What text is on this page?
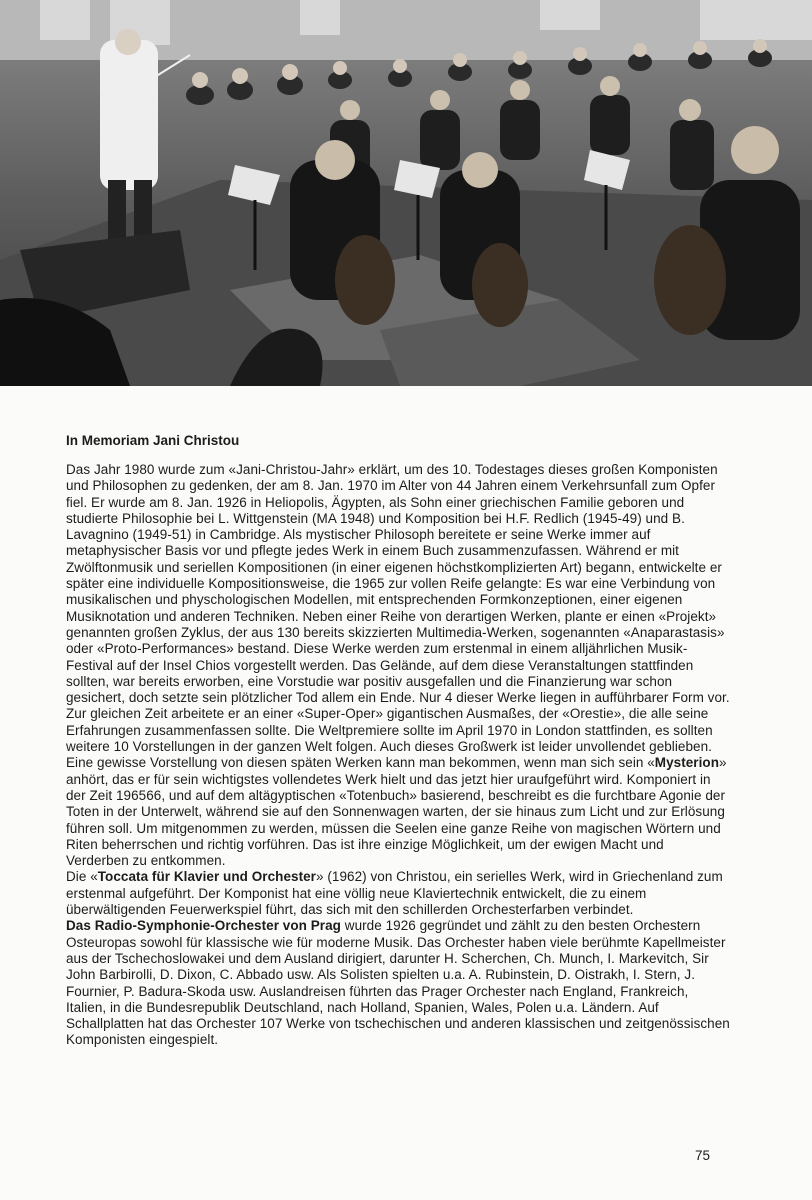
In Memoriam Jani Christou

Das Jahr 1980 wurde zum «Jani-Christou-Jahr» erklärt, um des 10. Todestages dieses großen Komponisten und Philosophen zu gedenken, der am 8. Jan. 1970 im Alter von 44 Jahren einem Verkehrsunfall zum Opfer fiel. Er wurde am 8. Jan. 1926 in Heliopolis, Ägypten, als Sohn einer griechischen Familie geboren und studierte Philosophie bei L. Wittgenstein (MA 1948) und Komposition bei H.F. Redlich (1945-49) und B. Lavagnino (1949-51) in Cambridge. Als mystischer Philosoph bereitete er seine Werke immer auf metaphysischer Basis vor und pflegte jedes Werk in einem Buch zusammenzufassen. Während er mit Zwölftonmusik und seriellen Kompositionen (in einer eigenen höchstkomplizierten Art) begann, entwickelte er später eine individuelle Kompositionsweise, die 1965 zur vollen Reife gelangte: Es war eine Verbindung von musikalischen und physchologischen Modellen, mit entsprechenden Formkonzeptionen, einer eigenen Musiknotation und anderen Techniken. Neben einer Reihe von derartigen Werken, plante er einen «Projekt» genannten großen Zyklus, der aus 130 bereits skizzierten Multimedia-Werken, sogenannten «Anaparastasis» oder «Proto-Performances» bestand. Diese Werke werden zum erstenmal in einem alljährlichen Musik-Festival auf der Insel Chios vorgestellt werden. Das Gelände, auf dem diese Veranstaltungen stattfinden sollten, war bereits erworben, eine Vorstudie war positiv ausgefallen und die Finanzierung war schon gesichert, doch setzte sein plötzlicher Tod allem ein Ende. Nur 4 dieser Werke liegen in aufführbarer Form vor. Zur gleichen Zeit arbeitete er an einer «Super-Oper» gigantischen Ausmaßes, der «Orestie», die alle seine Erfahrungen zusammenfassen sollte. Die Weltpremiere sollte im April 1970 in London stattfinden, es sollten weitere 10 Vorstellungen in der ganzen Welt folgen. Auch dieses Großwerk ist leider unvollendet geblieben. Eine gewisse Vorstellung von diesen späten Werken kann man bekommen, wenn man sich sein «Mysterion» anhört, das er für sein wichtigstes vollendetes Werk hielt und das jetzt hier uraufgeführt wird. Komponiert in der Zeit 196566, und auf dem altägyptischen «Totenbuch» basierend, beschreibt es die furchtbare Agonie der Toten in der Unterwelt, während sie auf den Sonnenwagen warten, der sie hinaus zum Licht und zur Erlösung führen soll. Um mitgenommen zu werden, müssen die Seelen eine ganze Reihe von magischen Wörtern und Riten beherrschen und richtig vorführen. Das ist ihre einzige Möglichkeit, um der ewigen Macht und Verderben zu entkommen.
Die «Toccata für Klavier und Orchester» (1962) von Christou, ein serielles Werk, wird in Griechenland zum erstenmal aufgeführt. Der Komponist hat eine völlig neue Klaviertechnik entwickelt, die zu einem überwältigenden Feuerwerkspiel führt, das sich mit den schillerden Orchesterfarben verbindet.
Das Radio-Symphonie-Orchester von Prag wurde 1926 gegründet und zählt zu den besten Orchestern Osteuropas sowohl für klassische wie für moderne Musik. Das Orchester haben viele berühmte Kapellmeister aus der Tschechoslowakei und dem Ausland dirigiert, darunter H. Scherchen, Ch. Munch, I. Markevitch, Sir John Barbirolli, D. Dixon, C. Abbado usw. Als Solisten spielten u.a. A. Rubinstein, D. Oistrakh, I. Stern, J. Fournier, P. Badura-Skoda usw. Auslandreisen führten das Prager Orchester nach England, Frankreich, Italien, in die Bundesrepublik Deutschland, nach Holland, Spanien, Wales, Polen u.a. Ländern. Auf Schallplatten hat das Orchester 107 Werke von tschechischen und anderen klassischen und zeitgenössischen Komponisten eingespielt.

75
